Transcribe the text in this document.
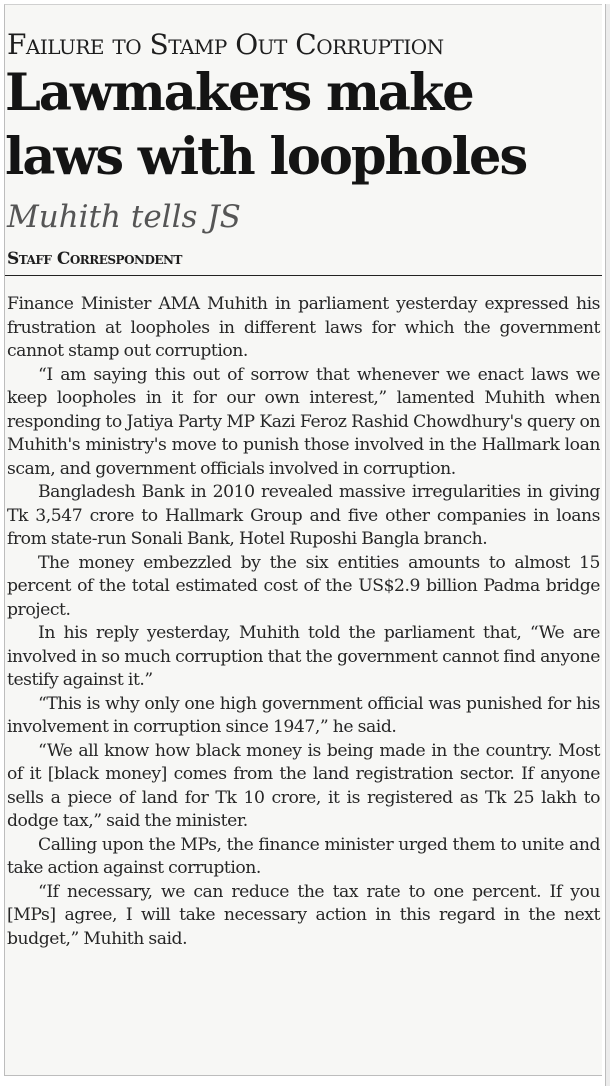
Failure to Stamp Out Corruption
Lawmakers make laws with loopholes
Muhith tells JS
Staff Correspondent

Finance Minister AMA Muhith in parliament yesterday expressed his frustration at loopholes in different laws for which the government cannot stamp out corruption.

“I am saying this out of sorrow that whenever we enact laws we keep loopholes in it for our own interest,” lamented Muhith when responding to Jatiya Party MP Kazi Feroz Rashid Chowdhury's query on Muhith's ministry's move to punish those involved in the Hallmark loan scam, and government officials involved in corruption.

Bangladesh Bank in 2010 revealed massive irregularities in giving Tk 3,547 crore to Hallmark Group and five other companies in loans from state-run Sonali Bank, Hotel Ruposhi Bangla branch.

The money embezzled by the six entities amounts to almost 15 percent of the total estimated cost of the US$2.9 billion Padma bridge project.

In his reply yesterday, Muhith told the parliament that, “We are involved in so much corruption that the government cannot find anyone testify against it.”

“This is why only one high government official was punished for his involvement in corruption since 1947,” he said.

“We all know how black money is being made in the country. Most of it [black money] comes from the land registration sector. If anyone sells a piece of land for Tk 10 crore, it is registered as Tk 25 lakh to dodge tax,” said the minister.

Calling upon the MPs, the finance minister urged them to unite and take action against corruption.

“If necessary, we can reduce the tax rate to one percent. If you [MPs] agree, I will take necessary action in this regard in the next budget,” Muhith said.
